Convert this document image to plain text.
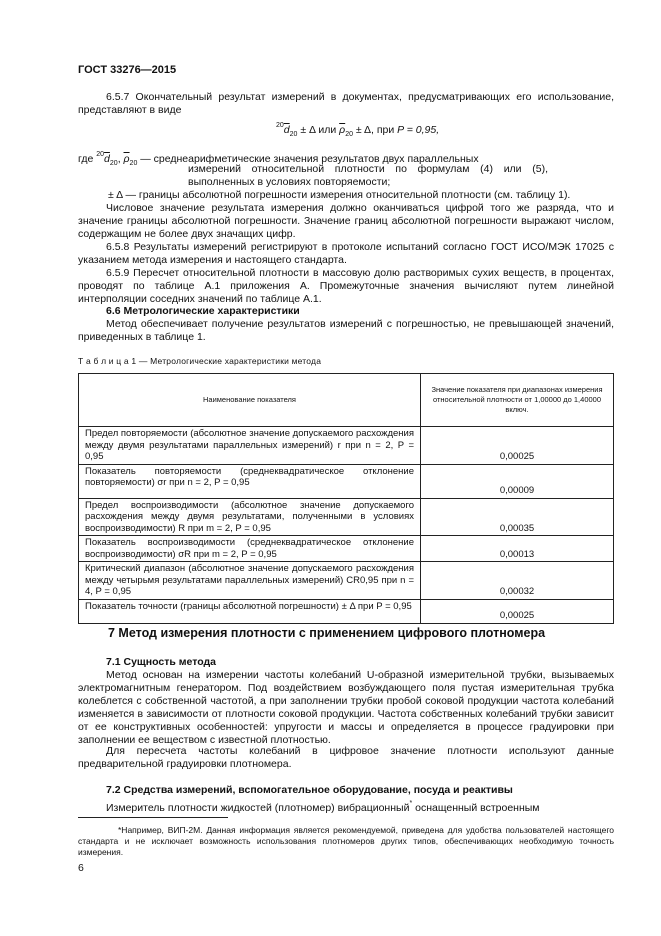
ГОСТ 33276—2015
6.5.7 Окончательный результат измерений в документах, предусматривающих его использование, представляют в виде
$^{20}\overline{d}_{20} \pm \Delta$ или $\overline{\rho}_{20} \pm \Delta$, при P = 0,95,
где $^{20}\overline{d}_{20}$, $\overline{\rho}_{20}$ — среднеарифметические значения результатов двух параллельных
измерений относительной плотности по формулам (4) или (5), выполненных в условиях повторяемости;
± Δ — границы абсолютной погрешности измерения относительной плотности (см. таблицу 1).
Числовое значение результата измерения должно оканчиваться цифрой того же разряда, что и значение границы абсолютной погрешности. Значение границ абсолютной погрешности выражают числом, содержащим не более двух значащих цифр.
6.5.8 Результаты измерений регистрируют в протоколе испытаний согласно ГОСТ ИСО/МЭК 17025 с указанием метода измерения и настоящего стандарта.
6.5.9 Пересчет относительной плотности в массовую долю растворимых сухих веществ, в процентах, проводят по таблице А.1 приложения А. Промежуточные значения вычисляют путем линейной интерполяции соседних значений по таблице А.1.
6.6 Метрологические характеристики
Метод обеспечивает получение результатов измерений с погрешностью, не превышающей значений, приведенных в таблице 1.
Т а б л и ц а 1 — Метрологические характеристики метода
Наименование показателя	Значение показателя при диапазонах измерения относительной плотности от 1,00000 до 1,40000 включ.
Предел повторяемости (абсолютное значение допускаемого расхождения между двумя результатами параллельных измерений) r при n = 2, P = 0,95	0,00025
Показатель повторяемости (среднеквадратическое отклонение повторяемости) σr при n = 2, P = 0,95	0,00009
Предел воспроизводимости (абсолютное значение допускаемого расхождения между двумя результатами, полученными в условиях воспроизводимости) R при m = 2, P = 0,95	0,00035
Показатель воспроизводимости (среднеквадратическое отклонение воспроизводимости) σR при m = 2, P = 0,95	0,00013
Критический диапазон (абсолютное значение допускаемого расхождения между четырьмя результатами параллельных измерений) CR0,95 при n = 4, P = 0,95	0,00032
Показатель точности (границы абсолютной погрешности) ± Δ при P = 0,95	0,00025
7 Метод измерения плотности с применением цифрового плотномера
7.1 Сущность метода
Метод основан на измерении частоты колебаний U-образной измерительной трубки, вызываемых электромагнитным генератором. Под воздействием возбуждающего поля пустая измерительная трубка колеблется с собственной частотой, а при заполнении трубки пробой соковой продукции частота колебаний изменяется в зависимости от плотности соковой продукции. Частота собственных колебаний трубки зависит от ее конструктивных особенностей: упругости и массы и определяется в процессе градуировки при заполнении ее веществом с известной плотностью.
Для пересчета частоты колебаний в цифровое значение плотности используют данные предварительной градуировки плотномера.
7.2 Средства измерений, вспомогательное оборудование, посуда и реактивы
Измеритель плотности жидкостей (плотномер) вибрационный* оснащенный встроенным
*Например, ВИП-2М. Данная информация является рекомендуемой, приведена для удобства пользователей настоящего стандарта и не исключает возможность использования плотномеров других типов, обеспечивающих необходимую точность измерения.
6
